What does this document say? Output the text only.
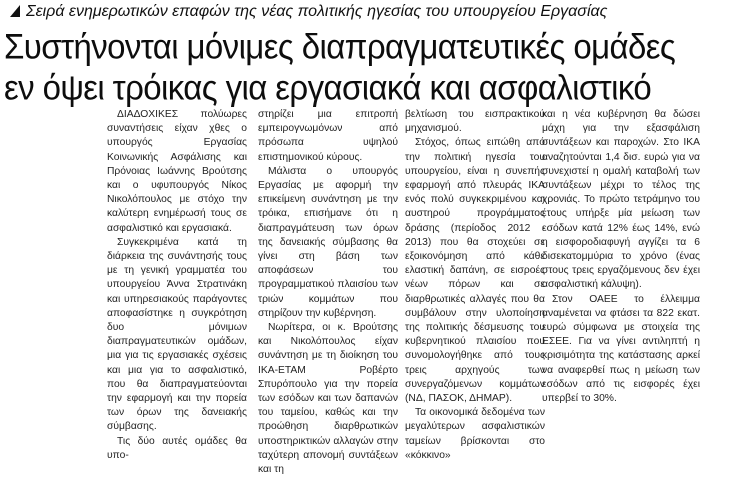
Σειρά ενημερωτικών επαφών της νέας πολιτικής ηγεσίας του υπουργείου Εργασίας
Συστήνονται μόνιμες διαπραγματευτικές ομάδες
εν όψει τρόικας για εργασιακά και ασφαλιστικό

ΔΙΑΔΟΧΙΚΕΣ πολύωρες συναντήσεις είχαν χθες ο υπουργός Εργασίας Κοινωνικής Ασφάλισης και Πρόνοιας Ιωάννης Βρούτσης και ο υφυπουργός Νίκος Νικολόπουλος με στόχο την καλύτερη ενημέρωσή τους σε ασφαλιστικό και εργασιακά.

Συγκεκριμένα κατά τη διάρκεια της συνάντησής τους με τη γενική γραμματέα του υπουργείου Άννα Στρατινάκη και υπηρεσιακούς παράγοντες αποφασίστηκε η συγκρότηση δυο μόνιμων διαπραγματευτικών ομάδων, μια για τις εργασιακές σχέσεις και μια για το ασφαλιστικό, που θα διαπραγματεύονται την εφαρμογή και την πορεία των όρων της δανειακής σύμβασης.

Τις δύο αυτές ομάδες θα υπο-

στηρίζει μια επιτροπή εμπειρογνωμόνων από πρόσωπα υψηλού επιστημονικού κύρους.

Μάλιστα ο υπουργός Εργασίας με αφορμή την επικείμενη συνάντηση με την τρόικα, επισήμανε ότι η διαπραγμάτευση των όρων της δανειακής σύμβασης θα γίνει στη βάση των αποφάσεων του προγραμματικού πλαισίου των τριών κομμάτων που στηρίζουν την κυβέρνηση.

Νωρίτερα, οι κ. Βρούτσης και Νικολόπουλος είχαν συνάντηση με τη διοίκηση του ΙΚΑ-ΕΤΑΜ Ροβέρτο Σπυρόπουλο για την πορεία των εσόδων και των δαπανών του ταμείου, καθώς και την προώθηση διαρθρωτικών υποστηρικτικών αλλαγών στην ταχύτερη απονομή συντάξεων και τη

βελτίωση του εισπρακτικού μηχανισμού.

Στόχος, όπως ειπώθη από την πολιτική ηγεσία του υπουργείου, είναι η συνεπής εφαρμογή από πλευράς ΙΚΑ ενός πολύ συγκεκριμένου και αυστηρού προγράμματος δράσης (περίοδος 2012 - 2013) που θα στοχεύει σε εξοικονόμηση από κάθε ελαστική δαπάνη, σε εισροές νέων πόρων και σε διαρθρωτικές αλλαγές που θα συμβάλουν στην υλοποίηση της πολιτικής δέσμευσης του κυβερνητικού πλαισίου που συνομολογήθηκε από τους τρεις αρχηγούς των συνεργαζόμενων κομμάτων (ΝΔ, ΠΑΣΟΚ, ΔΗΜΑΡ).

Τα οικονομικά δεδομένα των μεγαλύτερων ασφαλιστικών ταμείων βρίσκονται στο «κόκκινο»

και η νέα κυβέρνηση θα δώσει μάχη για την εξασφάλιση συντάξεων και παροχών. Στο ΙΚΑ αναζητούνται 1,4 δισ. ευρώ για να συνεχιστεί η ομαλή καταβολή των συντάξεων μέχρι το τέλος της χρονιάς. Το πρώτο τετράμηνο του έτους υπήρξε μία μείωση των εσόδων κατά 12% έως 14%, ενώ η εισφοροδιαφυγή αγγίζει τα 6 δισεκατομμύρια το χρόνο (ένας στους τρεις εργαζόμενους δεν έχει ασφαλιστική κάλυψη).

Στον ΟΑΕΕ το έλλειμμα αναμένεται να φτάσει τα 822 εκατ. ευρώ σύμφωνα με στοιχεία της ΕΣΕΕ. Για να γίνει αντιληπτή η κρισιμότητα της κατάστασης αρκεί να αναφερθεί πως η μείωση των εσόδων από τις εισφορές έχει υπερβεί το 30%.
